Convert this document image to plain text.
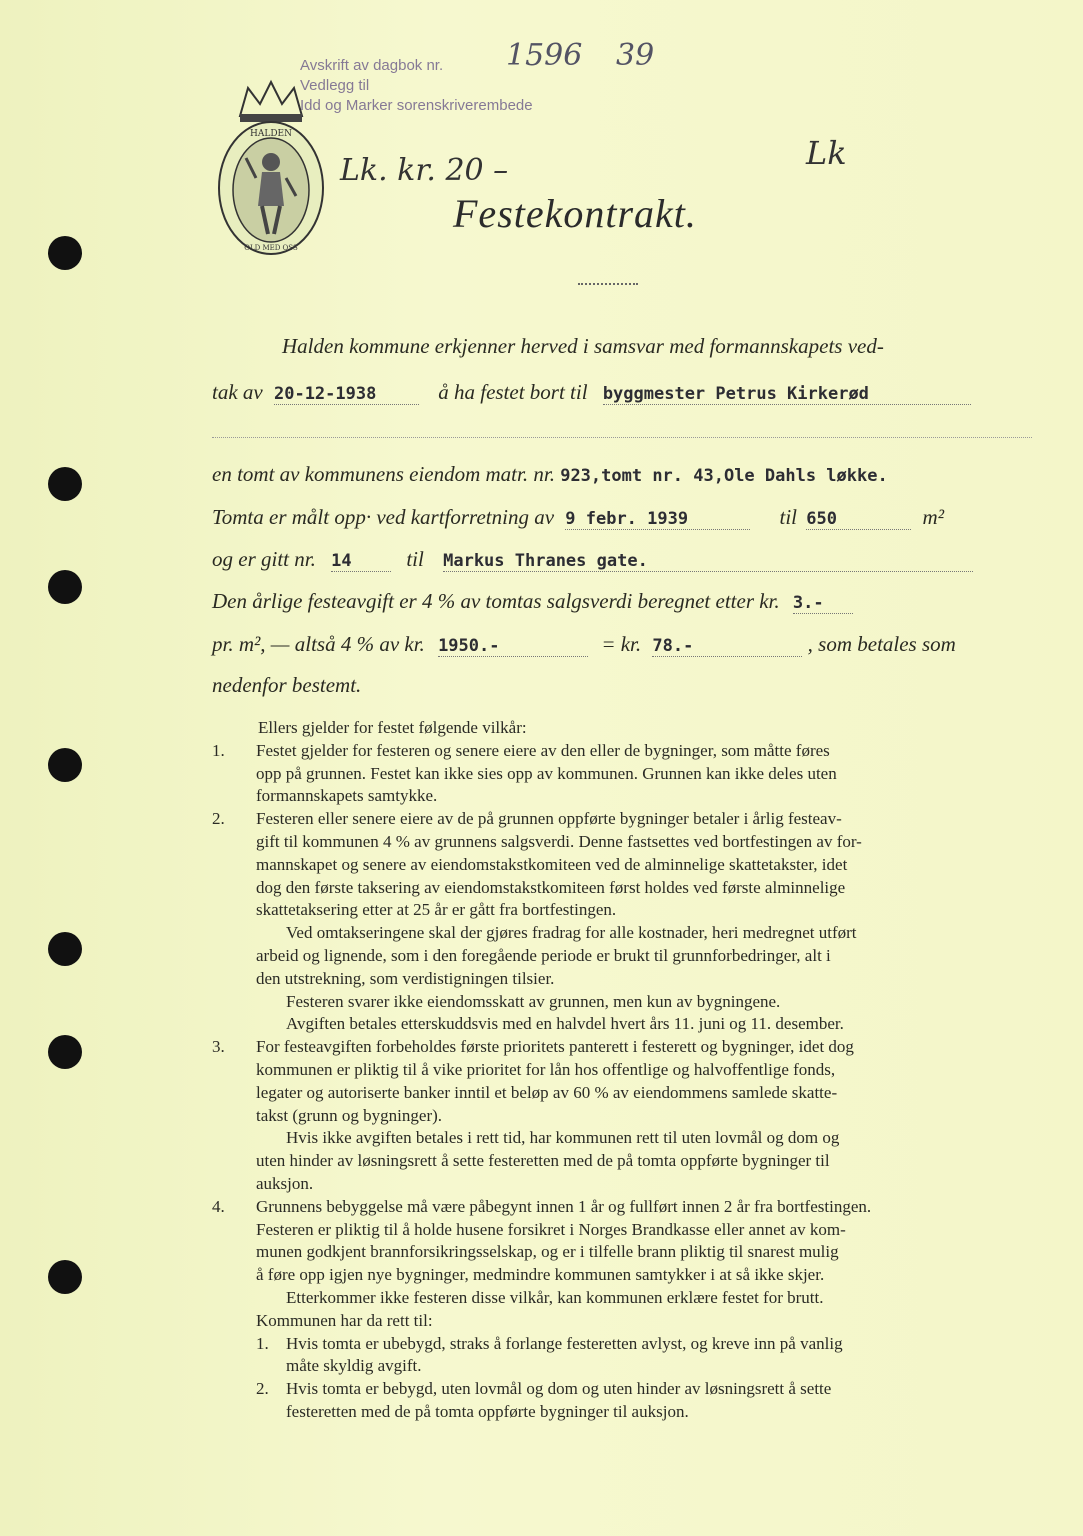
Avskrift av dagbok nr.
Vedlegg til
Idd og Marker sorenskriverembede
1596 39
HALDEN
OLD MED OSS
Lk. kr. 20 –	Lk
Festekontrakt.
Halden kommune erkjenner herved i samsvar med formannskapets ved-
tak av 20-12-1938	å ha festet bort til byggmester Petrus Kirkerød
en tomt av kommunens eiendom matr. nr. 923,tomt nr. 43,Ole Dahls løkke.
Tomta er målt opp· ved kartforretning av 9 febr. 1939	til 650	m²
og er gitt nr. 14	til Markus Thranes gate.
Den årlige festeavgift er 4 % av tomtas salgsverdi beregnet etter kr. 3.-
pr. m², — altså 4 % av kr. 1950.-	= kr. 78.-	, som betales som
nedenfor bestemt.

Ellers gjelder for festet følgende vilkår:

1. Festet gjelder for festeren og senere eiere av den eller de bygninger, som måtte føres

opp på grunnen. Festet kan ikke sies opp av kommunen. Grunnen kan ikke deles uten

formannskapets samtykke.

2. Festeren eller senere eiere av de på grunnen oppførte bygninger betaler i årlig festeav-

gift til kommunen 4 % av grunnens salgsverdi. Denne fastsettes ved bortfestingen av for-

mannskapet og senere av eiendomstakstkomiteen ved de alminnelige skattetakster, idet

dog den første taksering av eiendomstakstkomiteen først holdes ved første alminnelige

skattetaksering etter at 25 år er gått fra bortfestingen.

Ved omtakseringene skal der gjøres fradrag for alle kostnader, heri medregnet utført

arbeid og lignende, som i den foregående periode er brukt til grunnforbedringer, alt i

den utstrekning, som verdistigningen tilsier.

Festeren svarer ikke eiendomsskatt av grunnen, men kun av bygningene.

Avgiften betales etterskuddsvis med en halvdel hvert års 11. juni og 11. desember.

3. For festeavgiften forbeholdes første prioritets panterett i festerett og bygninger, idet dog

kommunen er pliktig til å vike prioritet for lån hos offentlige og halvoffentlige fonds,

legater og autoriserte banker inntil et beløp av 60 % av eiendommens samlede skatte-

takst (grunn og bygninger).

Hvis ikke avgiften betales i rett tid, har kommunen rett til uten lovmål og dom og

uten hinder av løsningsrett å sette festeretten med de på tomta oppførte bygninger til

auksjon.

4. Grunnens bebyggelse må være påbegynt innen 1 år og fullført innen 2 år fra bortfestingen.

Festeren er pliktig til å holde husene forsikret i Norges Brandkasse eller annet av kom-

munen godkjent brannforsikringsselskap, og er i tilfelle brann pliktig til snarest mulig

å føre opp igjen nye bygninger, medmindre kommunen samtykker i at så ikke skjer.

Etterkommer ikke festeren disse vilkår, kan kommunen erklære festet for brutt.

Kommunen har da rett til:

1. Hvis tomta er ubebygd, straks å forlange festeretten avlyst, og kreve inn på vanlig

måte skyldig avgift.

2. Hvis tomta er bebygd, uten lovmål og dom og uten hinder av løsningsrett å sette

festeretten med de på tomta oppførte bygninger til auksjon.
